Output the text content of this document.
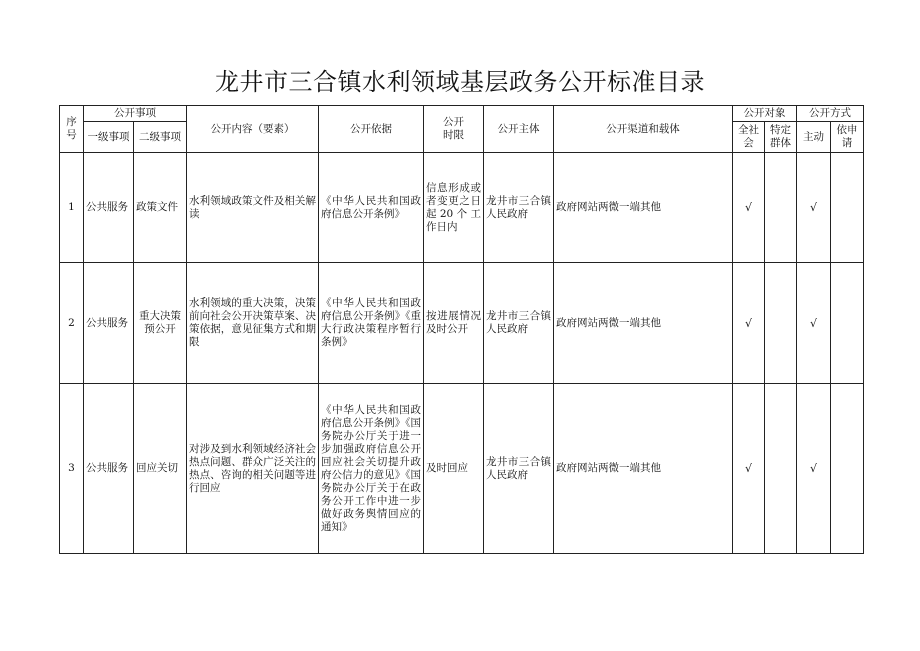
龙井市三合镇水利领域基层政务公开标准目录
序号	公开事项		公开内容（要素）	公开依据	公开时限	公开主体	公开渠道和载体	公开对象		公开方式	
	一级事项	二级事项						全社会	特定群体	主动	依申请
1	公共服务	政策文件	水利领域政策文件及相关解读	《中华人民共和国政府信息公开条例》	信息形成或者变更之日起20个工作日内	龙井市三合镇人民政府	政府网站两微一端其他	√		√	
2	公共服务	重大决策预公开	水利领域的重大决策，决策前向社会公开决策草案、决策依据，意见征集方式和期限	《中华人民共和国政府信息公开条例》《重大行政决策程序暂行条例》	按进展情况及时公开	龙井市三合镇人民政府	政府网站两微一端其他	√		√	
3	公共服务	回应关切	对涉及到水利领域经济社会热点问题、群众广泛关注的热点、咨询的相关问题等进行回应	《中华人民共和国政府信息公开条例》《国务院办公厅关于进一步加强政府信息公开回应社会关切提升政府公信力的意见》《国务院办公厅关于在政务公开工作中进一步做好政务舆情回应的通知》	及时回应	龙井市三合镇人民政府	政府网站两微一端其他	√		√	
